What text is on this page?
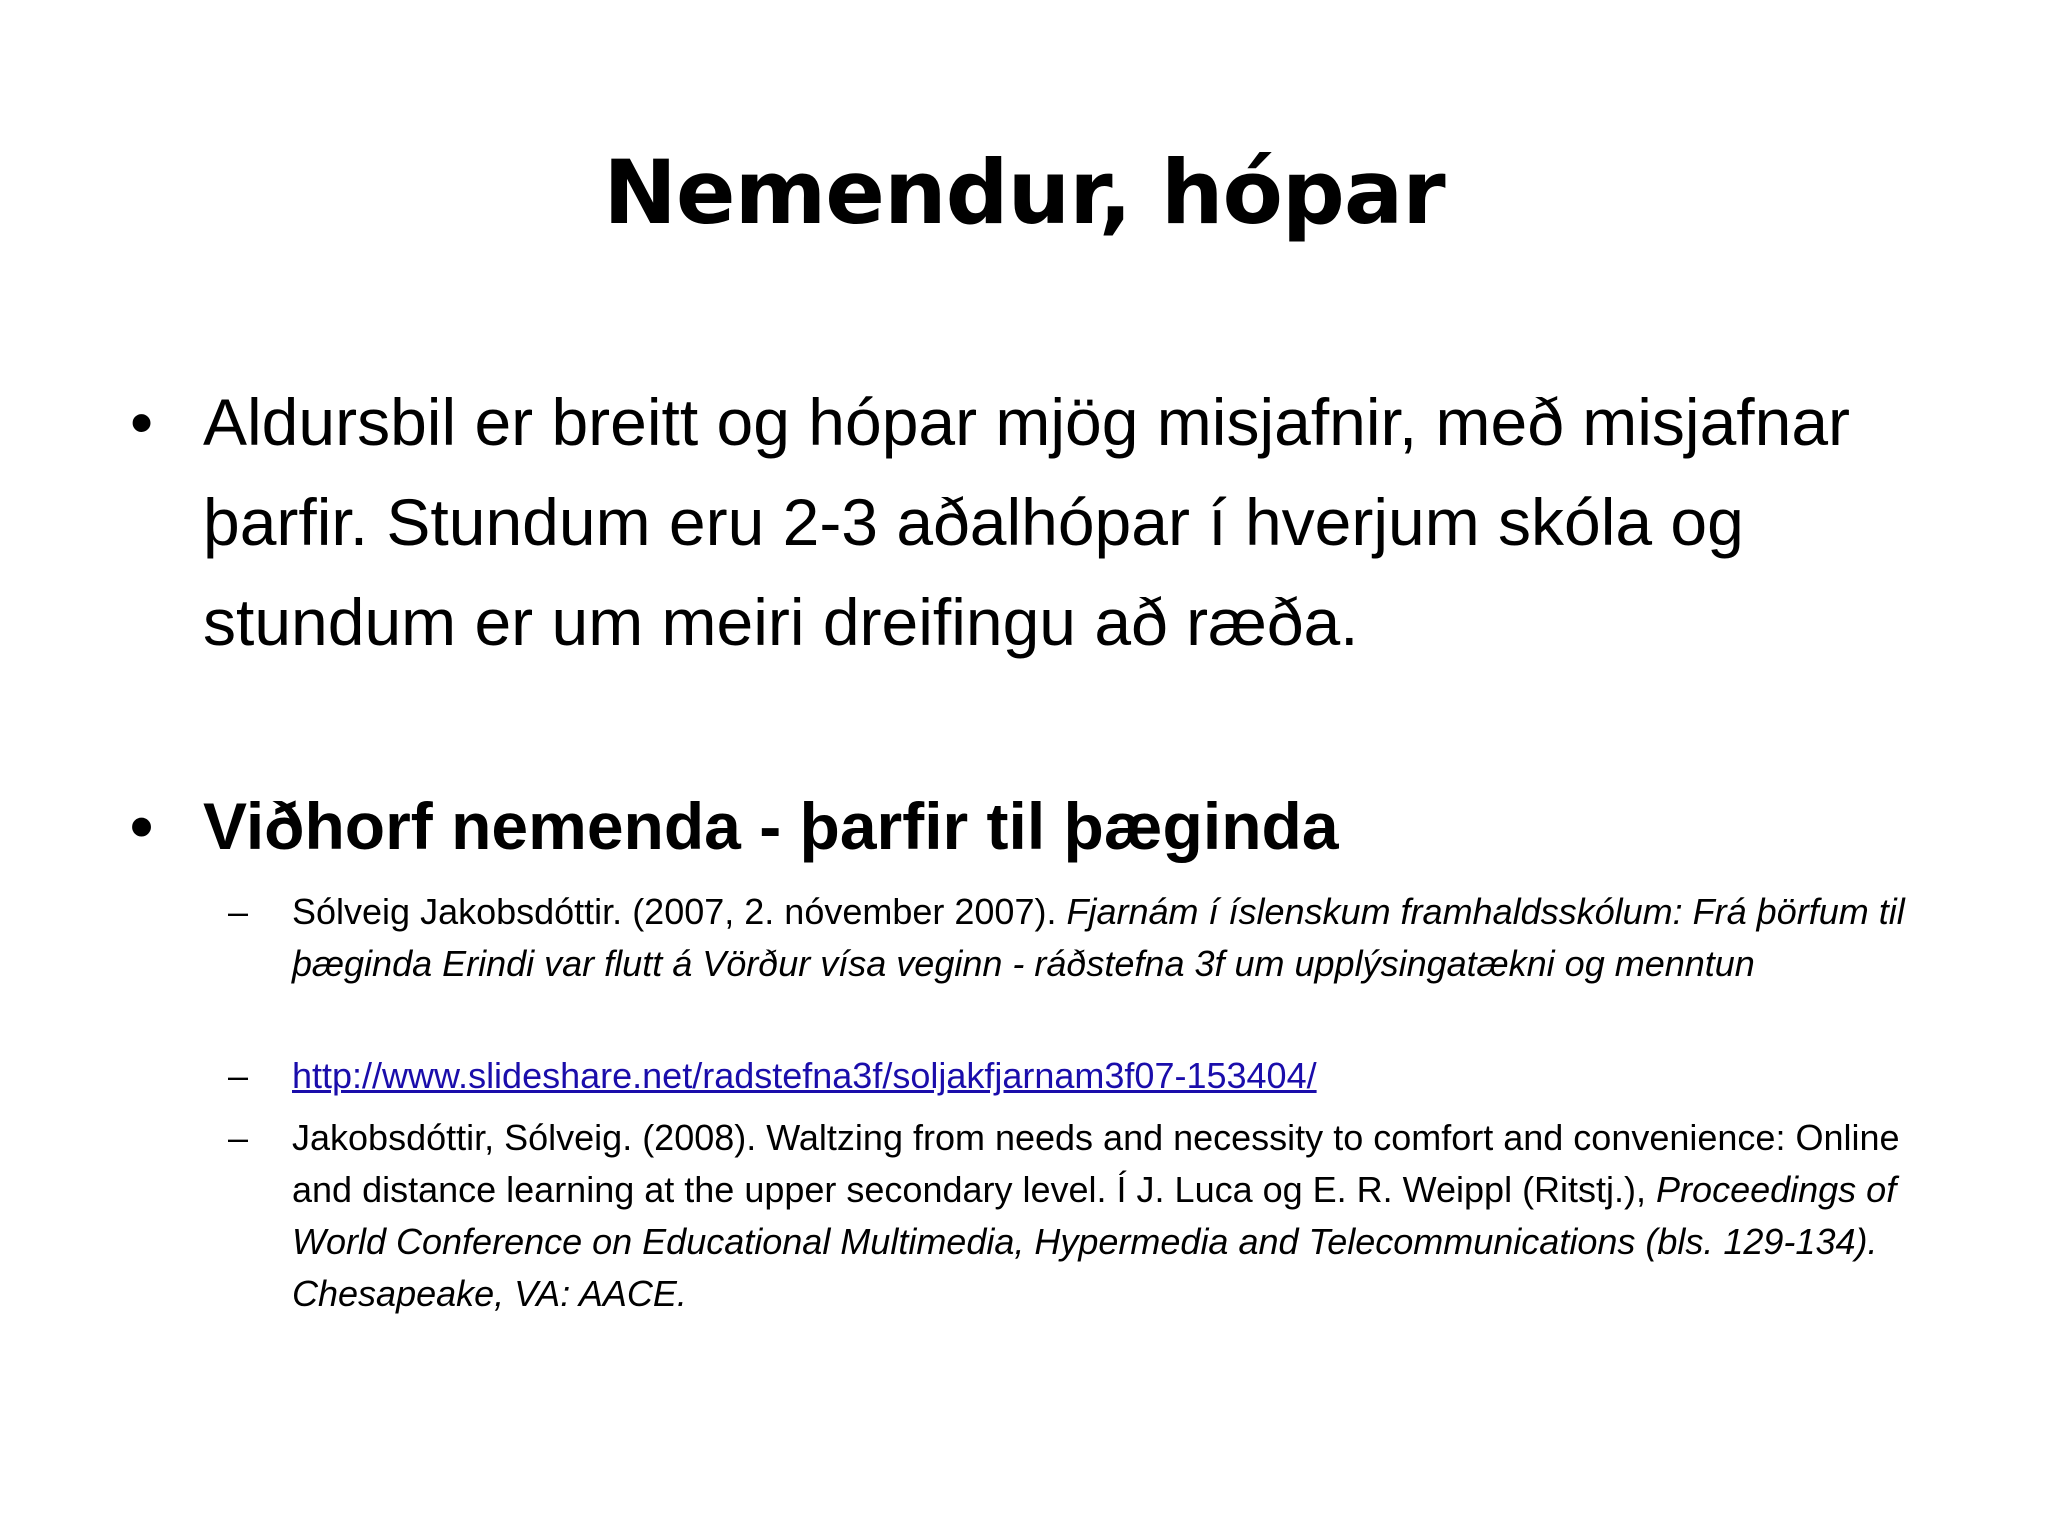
Nemendur, hópar
• Aldursbil er breitt og hópar mjög misjafnir, með misjafnar þarfir. Stundum eru 2-3 aðalhópar í hverjum skóla og stundum er um meiri dreifingu að ræða.
• Viðhorf nemenda - þarfir til þæginda
–	Sólveig Jakobsdóttir. (2007, 2. nóvember 2007). Fjarnám í íslenskum framhaldsskólum: Frá þörfum til þæginda Erindi var flutt á Vörður vísa veginn - ráðstefna 3f um upplýsingatækni og menntun
–	http://www.slideshare.net/radstefna3f/soljakfjarnam3f07-153404/
–	Jakobsdóttir, Sólveig. (2008). Waltzing from needs and necessity to comfort and convenience: Online and distance learning at the upper secondary level. Í J. Luca og E. R. Weippl (Ritstj.), Proceedings of World Conference on Educational Multimedia, Hypermedia and Telecommunications (bls. 129-134). Chesapeake, VA: AACE.
